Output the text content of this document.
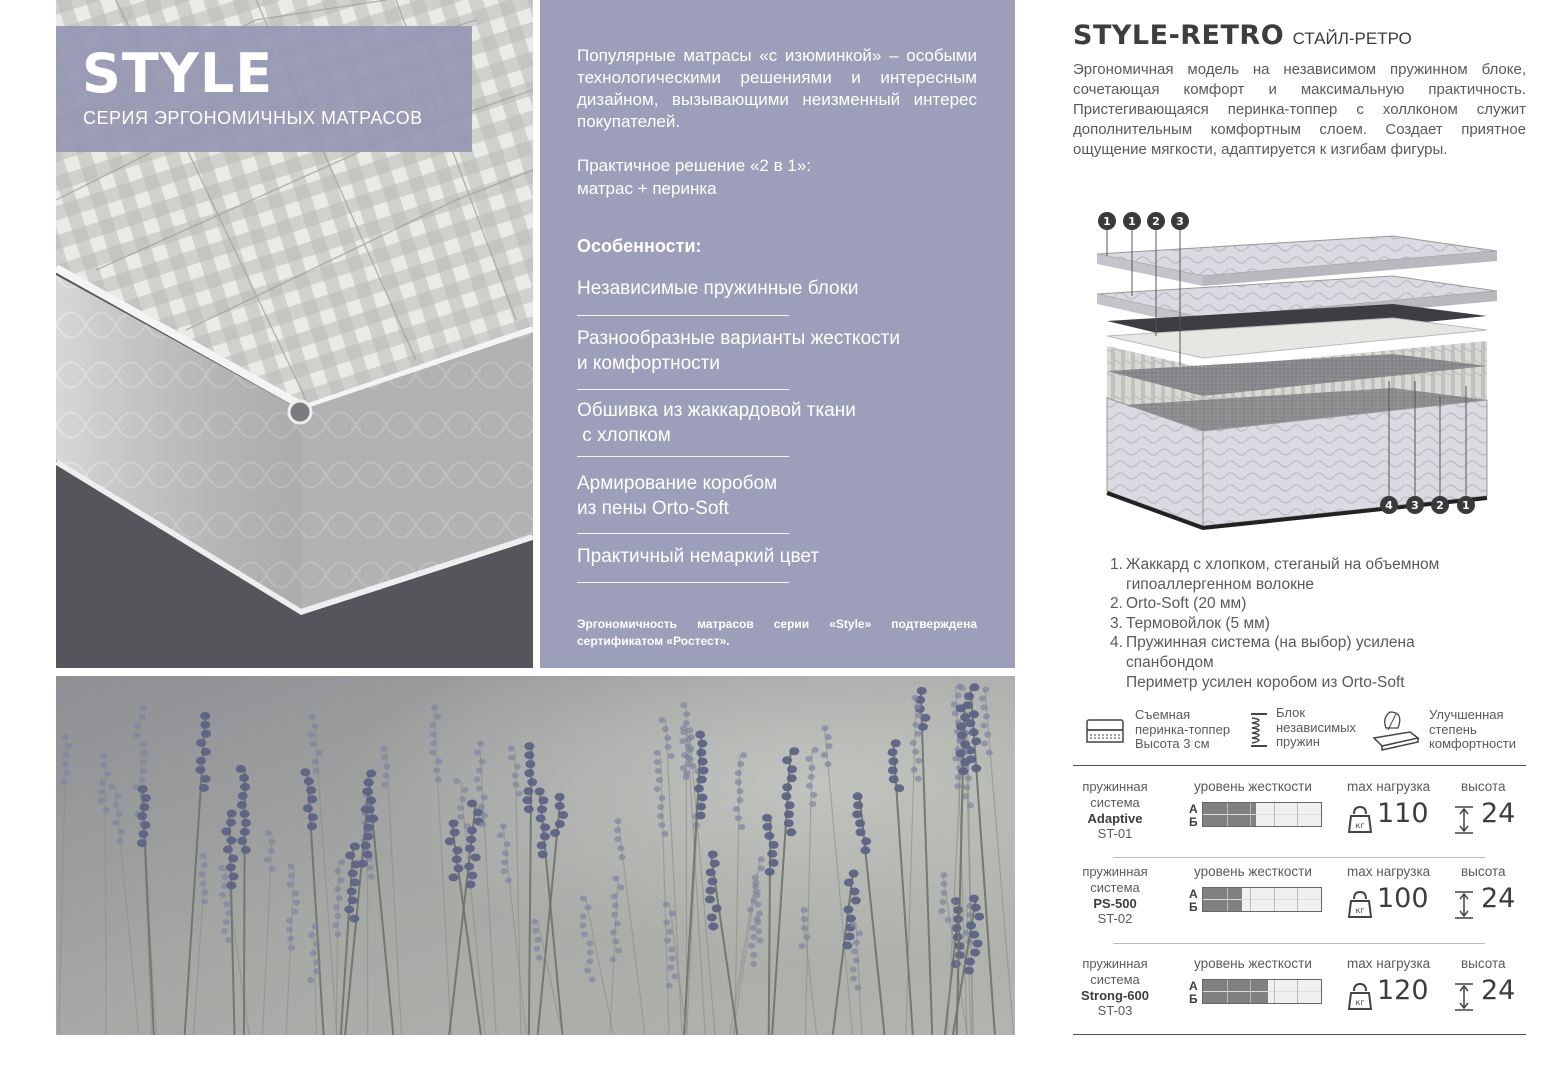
STYLE
СЕРИЯ ЭРГОНОМИЧНЫХ МАТРАСОВ
Популярные матрасы «с изюминкой» – особыми технологическими решениями и интересным дизайном, вызывающими неизменный интерес покупателей.
Практичное решение «2 в 1»:
матрас + перинка
Особенности:
Независимые пружинные блоки
Разнообразные варианты жесткости
и комфортности
Обшивка из жаккардовой ткани
с хлопком
Армирование коробом
из пены Orto-Soft
Практичный немаркий цвет
Эргономичность матрасов серии «Style» подтверждена сертификатом «Ростест».
STYLE-RETRO СТАЙЛ-РЕТРО
Эргономичная модель на независимом пружинном блоке, сочетающая комфорт и максимальную практичность. Пристегивающаяся перинка-топпер с холлконом служит дополнительным комфортным слоем. Создает приятное ощущение мягкости, адаптируется к изгибам фигуры.
1 1 2 3
4 3 2 1
1. Жаккард с хлопком, стеганый на объемном
гипоаллергенном волокне
2. Orto-Soft (20 мм)
3. Термовойлок (5 мм)
4. Пружинная система (на выбор) усилена
спанбондом
Периметр усилен коробом из Orto-Soft
Съемная
перинка-топпер
Высота 3 см
Блок
независимых
пружин
Улучшенная
степень
комфортности
пружинная
система
Adaptive
ST-01
уровень жесткости
А
Б
max нагрузка
кг 110
высота
24
пружинная
система
PS-500
ST-02
уровень жесткости
А
Б
max нагрузка
кг 100
высота
24
пружинная
система
Strong-600
ST-03
уровень жесткости
А
Б
max нагрузка
кг 120
высота
24
